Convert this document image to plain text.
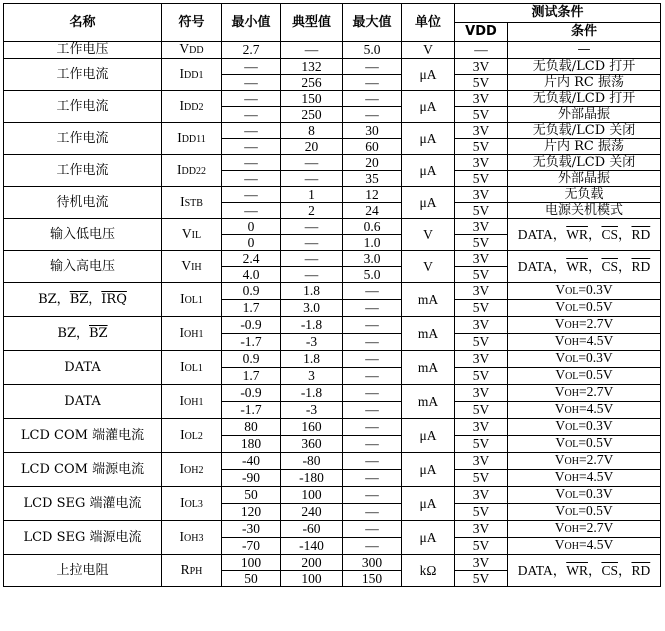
名称	符号	最小值	典型值	最大值	单位	测试条件	
						VDD	条件
工作电压	VDD	2.7	—	5.0	V	—	—
工作电流	IDD1	—	132	—	μA	3V	无负载/LCD 打开
		—	256	—		5V	片内 RC 振荡
工作电流	IDD2	—	150	—	μA	3V	无负载/LCD 打开
		—	250	—		5V	外部晶振
工作电流	IDD11	—	8	30	μA	3V	无负载/LCD 关闭
		—	20	60		5V	片内 RC 振荡
工作电流	IDD22	—	—	20	μA	3V	无负载/LCD 关闭
		—	—	35		5V	外部晶振
待机电流	ISTB	—	1	12	μA	3V	无负载
		—	2	24		5V	电源关机模式
输入低电压	VIL	0	—	0.6	V	3V	DATA，$\overline{WR}$，$\overline{CS}$，$\overline{RD}$
		0	—	1.0		5V	
输入高电压	VIH	2.4	—	3.0	V	3V	DATA，$\overline{WR}$，$\overline{CS}$，$\overline{RD}$
		4.0	—	5.0		5V	
BZ，$\overline{BZ}$，$\overline{IRQ}$	IOL1	0.9	1.8	—	mA	3V	VOL=0.3V
		1.7	3.0	—		5V	VOL=0.5V
BZ，$\overline{BZ}$	IOH1	-0.9	-1.8	—	mA	3V	VOH=2.7V
		-1.7	-3	—		5V	VOH=4.5V
DATA	IOL1	0.9	1.8	—	mA	3V	VOL=0.3V
		1.7	3	—		5V	VOL=0.5V
DATA	IOH1	-0.9	-1.8	—	mA	3V	VOH=2.7V
		-1.7	-3	—		5V	VOH=4.5V
LCD COM 端灌电流	IOL2	80	160	—	μA	3V	VOL=0.3V
		180	360	—		5V	VOL=0.5V
LCD COM 端源电流	IOH2	-40	-80	—	μA	3V	VOH=2.7V
		-90	-180	—		5V	VOH=4.5V
LCD SEG 端灌电流	IOL3	50	100	—	μA	3V	VOL=0.3V
		120	240	—		5V	VOL=0.5V
LCD SEG 端源电流	IOH3	-30	-60	—	μA	3V	VOH=2.7V
		-70	-140	—		5V	VOH=4.5V
上拉电阻	RPH	100	200	300	kΩ	3V	DATA，$\overline{WR}$，$\overline{CS}$，$\overline{RD}$
		50	100	150		5V	
